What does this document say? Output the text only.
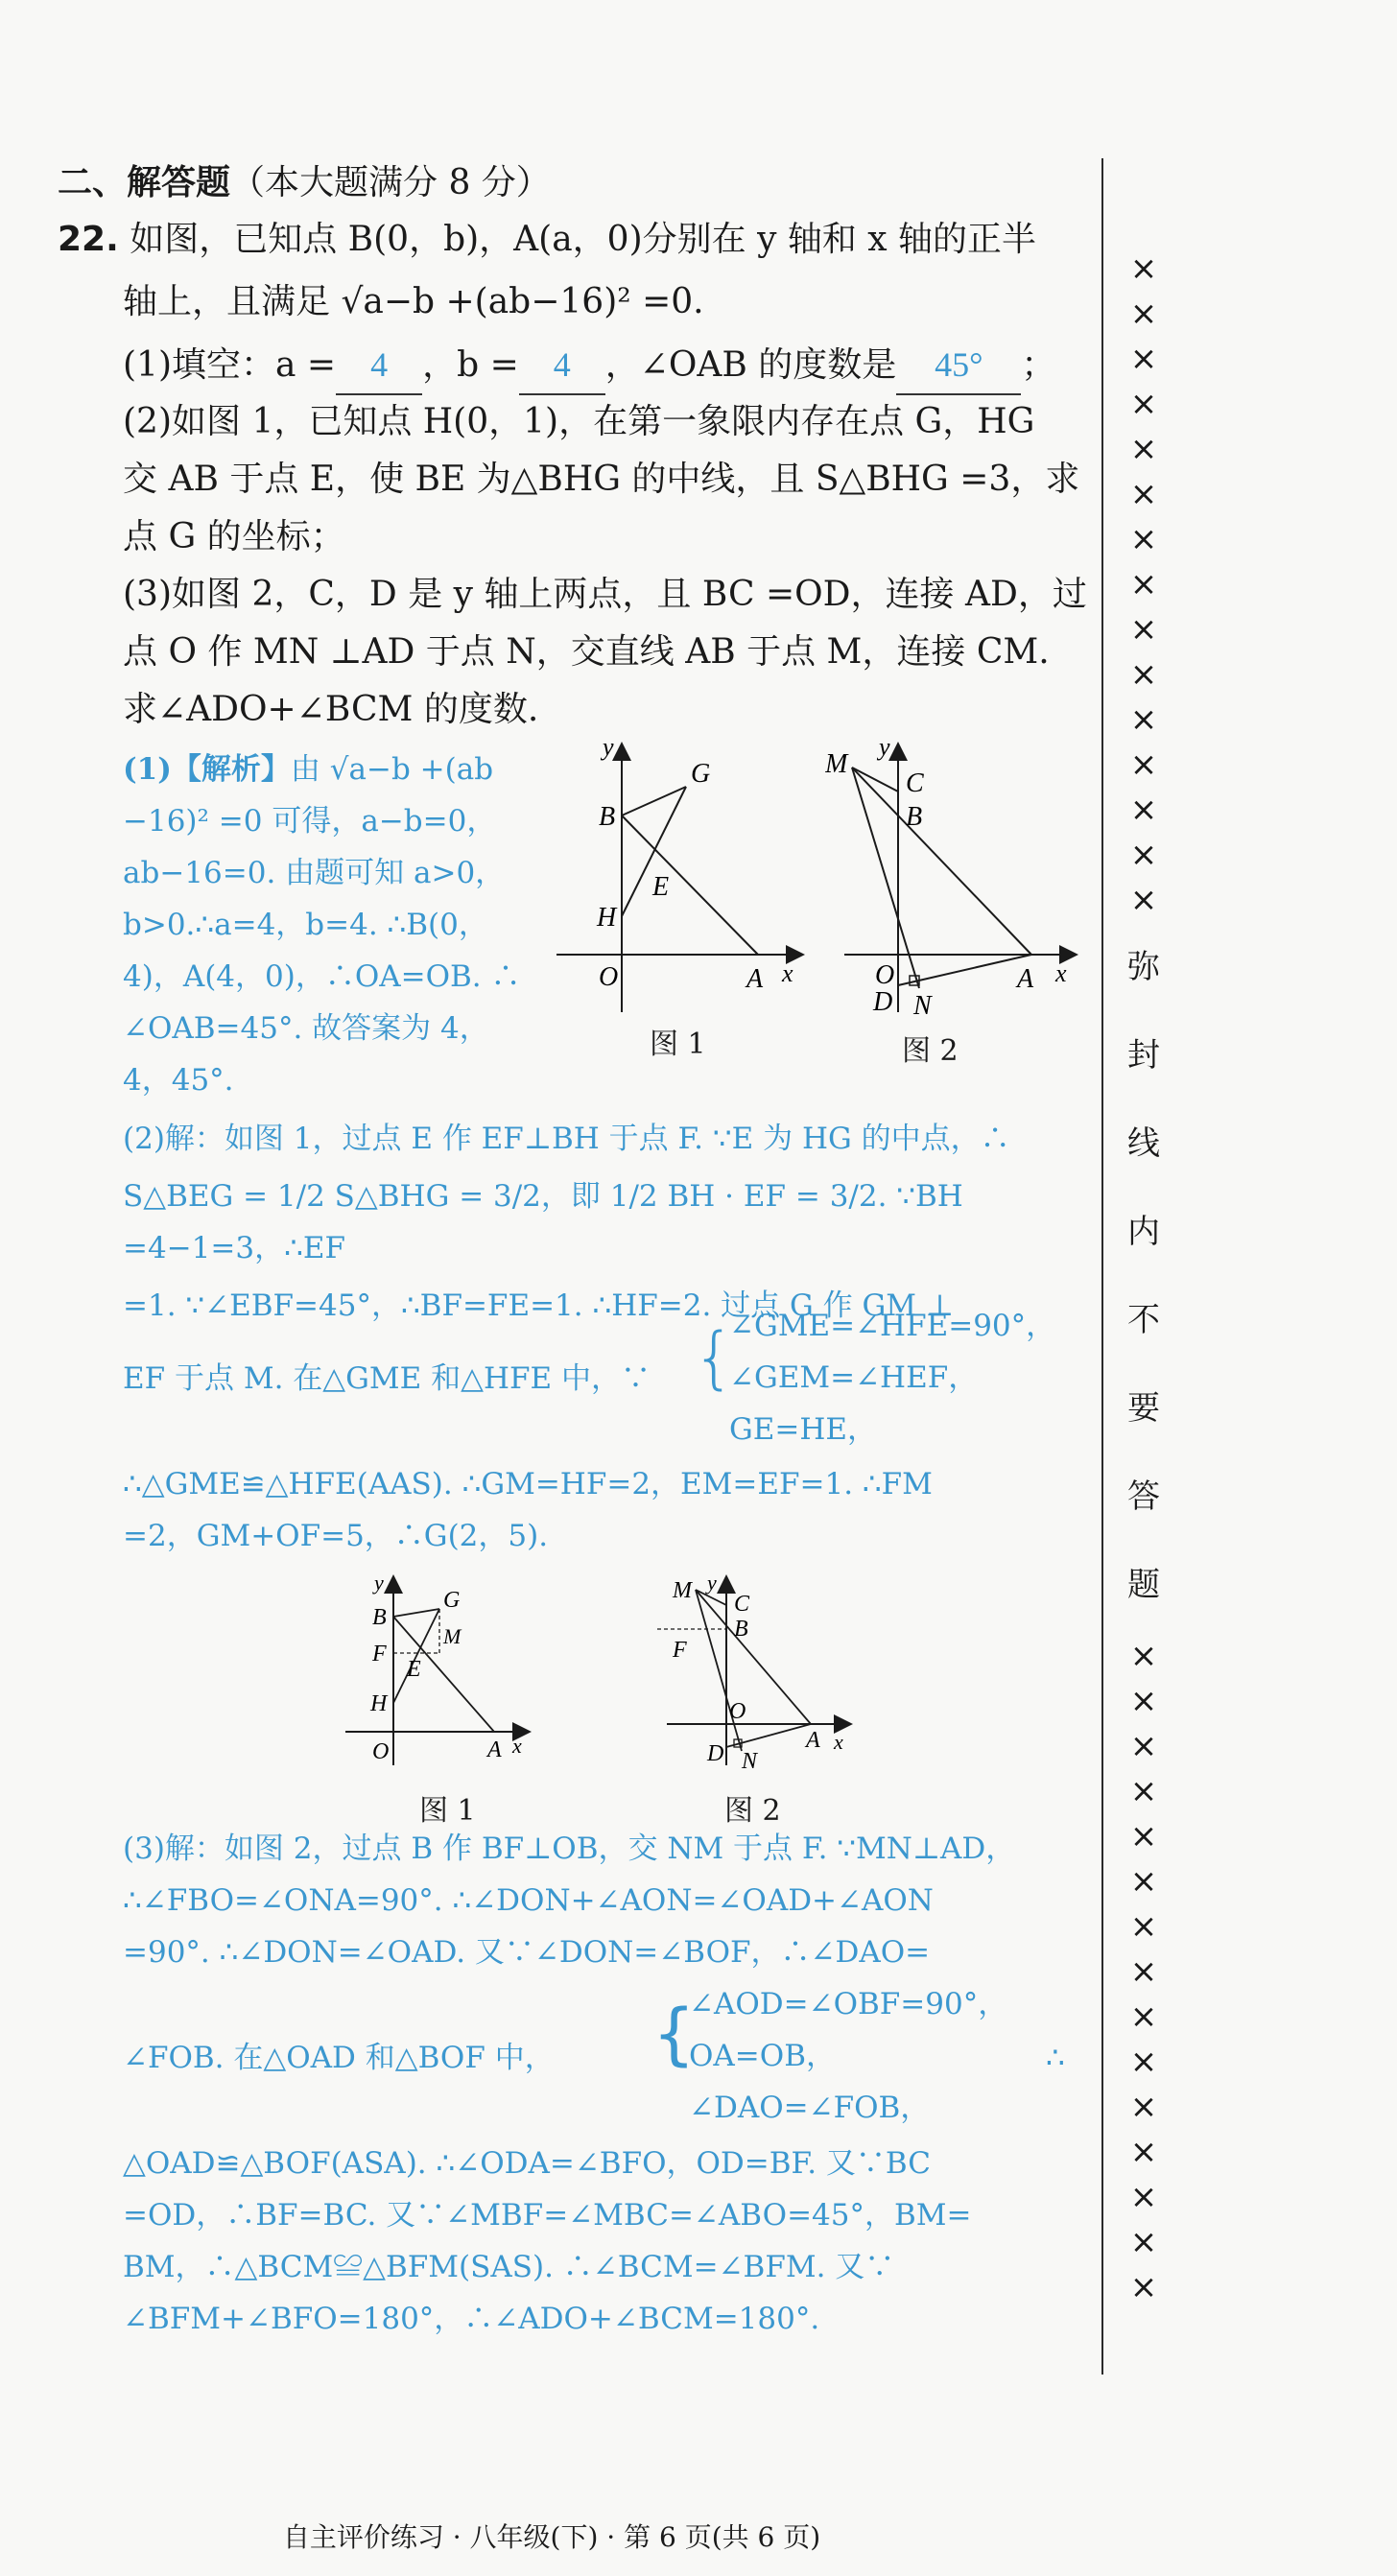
二、解答题（本大题满分 8 分）
22. 如图，已知点 B(0，b)，A(a，0)分别在 y 轴和 x 轴的正半
轴上，且满足 √a−b +(ab−16)² =0.
(1)填空：a = 4 ，b = 4 ，∠OAB 的度数是 45° ；
(2)如图 1，已知点 H(0，1)，在第一象限内存在点 G，HG
交 AB 于点 E，使 BE 为△BHG 的中线，且 S△BHG =3，求
点 G 的坐标；
(3)如图 2，C，D 是 y 轴上两点，且 BC =OD，连接 AD，过
点 O 作 MN ⊥AD 于点 N，交直线 AB 于点 M，连接 CM.
求∠ADO+∠BCM 的度数.
(1)【解析】由 √a−b +(ab
−16)² =0 可得，a−b=0，
ab−16=0. 由题可知 a>0，
b>0.∴a=4，b=4. ∴B(0，
4)，A(4，0)，∴OA=OB. ∴
∠OAB=45°. 故答案为 4，
4，45°.
y
G
B
E
H
O	A x
图 1
y
M
C
B
O
D N
A x
图 2
(2)解：如图 1，过点 E 作 EF⊥BH 于点 F. ∵E 为 HG 的中点，∴
S△BEG = 1/2 S△BHG = 3/2，即 1/2 BH · EF = 3/2. ∵BH =4−1=3，∴EF
=1. ∵∠EBF=45°，∴BF=FE=1. ∴HF=2. 过点 G 作 GM ⊥
EF 于点 M. 在△GME 和△HFE 中，∵ {
∠GME=∠HFE=90°，
∠GEM=∠HEF，
GE=HE，
∴△GME≌△HFE(AAS). ∴GM=HF=2，EM=EF=1. ∴FM
=2，GM+OF=5，∴G(2，5).
y
G
B
M
F
E
H
O	A x
图 1
y
M
C
B
F
O
D N
A x
图 2
(3)解：如图 2，过点 B 作 BF⊥OB，交 NM 于点 F. ∵MN⊥AD，
∴∠FBO=∠ONA=90°. ∴∠DON+∠AON=∠OAD+∠AON
=90°. ∴∠DON=∠OAD. 又∵∠DON=∠BOF，∴∠DAO=
∠FOB. 在△OAD 和△BOF 中， {
∠AOD=∠OBF=90°，
OA=OB，
∠DAO=∠FOB，
∴
△OAD≌△BOF(ASA). ∴∠ODA=∠BFO，OD=BF. 又∵BC
=OD，∴BF=BC. 又∵∠MBF=∠MBC=∠ABO=45°，BM=
BM，∴△BCM≌△BFM(SAS). ∴∠BCM=∠BFM. 又∵
∠BFM+∠BFO=180°，∴∠ADO+∠BCM=180°.
×
×
×
×
×
×
×
×
×
×
×
×
×
×
×
弥
封
线
内
不
要
答
题
×
×
×
×
×
×
×
×
×
×
×
×
×
×
×
自主评价练习 · 八年级(下) · 第 6 页(共 6 页)
